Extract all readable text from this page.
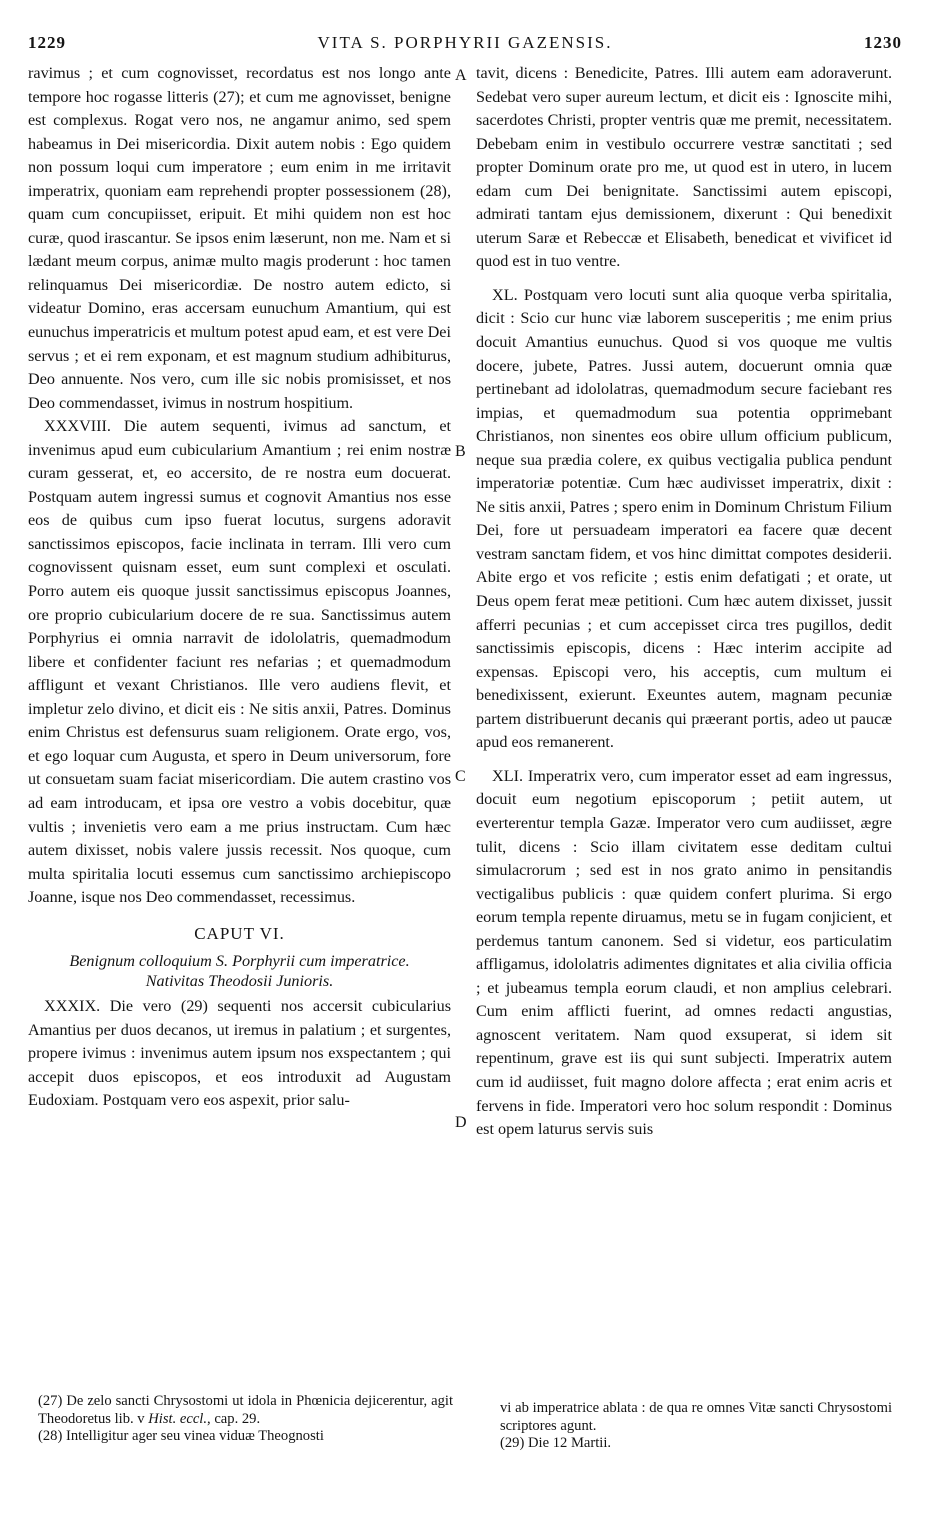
1229	VITA S. PORPHYRII GAZENSIS.	1230
A
B
C
D

ravimus ; et cum cognovisset, recordatus est nos longo ante tempore hoc rogasse litteris (27); et cum me agnovisset, benigne est complexus. Rogat vero nos, ne angamur animo, sed spem habeamus in Dei misericordia. Dixit autem nobis : Ego quidem non possum loqui cum imperatore ; eum enim in me irritavit imperatrix, quoniam eam reprehendi propter possessionem (28), quam cum concupiisset, eripuit. Et mihi quidem non est hoc curæ, quod irascantur. Se ipsos enim læserunt, non me. Nam et si lædant meum corpus, animæ multo magis proderunt : hoc tamen relinquamus Dei misericordiæ. De nostro autem edicto, si videatur Domino, eras accersam eunuchum Amantium, qui est eunuchus imperatricis et multum potest apud eam, et est vere Dei servus ; et ei rem exponam, et est magnum studium adhibiturus, Deo annuente. Nos vero, cum ille sic nobis promisisset, et nos Deo commendasset, ivimus in nostrum hospitium.

XXXVIII. Die autem sequenti, ivimus ad sanctum, et invenimus apud eum cubicularium Amantium ; rei enim nostræ curam gesserat, et, eo accersito, de re nostra eum docuerat. Postquam autem ingressi sumus et cognovit Amantius nos esse eos de quibus cum ipso fuerat locutus, surgens adoravit sanctissimos episcopos, facie inclinata in terram. Illi vero cum cognovissent quisnam esset, eum sunt complexi et osculati. Porro autem eis quoque jussit sanctissimus episcopus Joannes, ore proprio cubicularium docere de re sua. Sanctissimus autem Porphyrius ei omnia narravit de idololatris, quemadmodum libere et confidenter faciunt res nefarias ; et quemadmodum affligunt et vexant Christianos. Ille vero audiens flevit, et impletur zelo divino, et dicit eis : Ne sitis anxii, Patres. Dominus enim Christus est defensurus suam religionem. Orate ergo, vos, et ego loquar cum Augusta, et spero in Deum universorum, fore ut consuetam suam faciat misericordiam. Die autem crastino vos ad eam introducam, et ipsa ore vestro a vobis docebitur, quæ vultis ; invenietis vero eam a me prius instructam. Cum hæc autem dixisset, nobis valere jussis recessit. Nos quoque, cum multa spiritalia locuti essemus cum sanctissimo archiepiscopo Joanne, isque nos Deo commendasset, recessimus.

CAPUT VI.
Benignum colloquium S. Porphyrii cum imperatrice.
Nativitas Theodosii Junioris.

XXXIX. Die vero (29) sequenti nos accersit cubicularius Amantius per duos decanos, ut iremus in palatium ; et surgentes, propere ivimus : invenimus autem ipsum nos exspectantem ; qui accepit duos episcopos, et eos introduxit ad Augustam Eudoxiam. Postquam vero eos aspexit, prior salu-

tavit, dicens : Benedicite, Patres. Illi autem eam adoraverunt. Sedebat vero super aureum lectum, et dicit eis : Ignoscite mihi, sacerdotes Christi, propter ventris quæ me premit, necessitatem. Debebam enim in vestibulo occurrere vestræ sanctitati ; sed propter Dominum orate pro me, ut quod est in utero, in lucem edam cum Dei benignitate. Sanctissimi autem episcopi, admirati tantam ejus demissionem, dixerunt : Qui benedixit uterum Saræ et Rebeccæ et Elisabeth, benedicat et vivificet id quod est in tuo ventre.

XL. Postquam vero locuti sunt alia quoque verba spiritalia, dicit : Scio cur hunc viæ laborem susceperitis ; me enim prius docuit Amantius eunuchus. Quod si vos quoque me vultis docere, jubete, Patres. Jussi autem, docuerunt omnia quæ pertinebant ad idololatras, quemadmodum secure faciebant res impias, et quemadmodum sua potentia opprimebant Christianos, non sinentes eos obire ullum officium publicum, neque sua prædia colere, ex quibus vectigalia publica pendunt imperatoriæ potentiæ. Cum hæc audivisset imperatrix, dixit : Ne sitis anxii, Patres ; spero enim in Dominum Christum Filium Dei, fore ut persuadeam imperatori ea facere quæ decent vestram sanctam fidem, et vos hinc dimittat compotes desiderii. Abite ergo et vos reficite ; estis enim defatigati ; et orate, ut Deus opem ferat meæ petitioni. Cum hæc autem dixisset, jussit afferri pecunias ; et cum accepisset circa tres pugillos, dedit sanctissimis episcopis, dicens : Hæc interim accipite ad expensas. Episcopi vero, his acceptis, cum multum ei benedixissent, exierunt. Exeuntes autem, magnam pecuniæ partem distribuerunt decanis qui præerant portis, adeo ut paucæ apud eos remanerent.

XLI. Imperatrix vero, cum imperator esset ad eam ingressus, docuit eum negotium episcoporum ; petiit autem, ut everterentur templa Gazæ. Imperator vero cum audiisset, ægre tulit, dicens : Scio illam civitatem esse deditam cultui simulacrorum ; sed est in nos grato animo in pensitandis vectigalibus publicis : quæ quidem confert plurima. Si ergo eorum templa repente diruamus, metu se in fugam conjicient, et perdemus tantum canonem. Sed si videtur, eos particulatim affligamus, idololatris adimentes dignitates et alia civilia officia ; et jubeamus templa eorum claudi, et non amplius celebrari. Cum enim afflicti fuerint, ad omnes redacti angustias, agnoscent veritatem. Nam quod exsuperat, si idem sit repentinum, grave est iis qui sunt subjecti. Imperatrix autem cum id audiisset, fuit magno dolore affecta ; erat enim acris et fervens in fide. Imperatori vero hoc solum respondit : Dominus est opem laturus servis suis

(27) De zelo sancti Chrysostomi ut idola in Phœnicia dejicerentur, agit Theodoretus lib. v Hist. eccl., cap. 29.

(28) Intelligitur ager seu vinea viduæ Theognosti

vi ab imperatrice ablata : de qua re omnes Vitæ sancti Chrysostomi scriptores agunt.

(29) Die 12 Martii.
